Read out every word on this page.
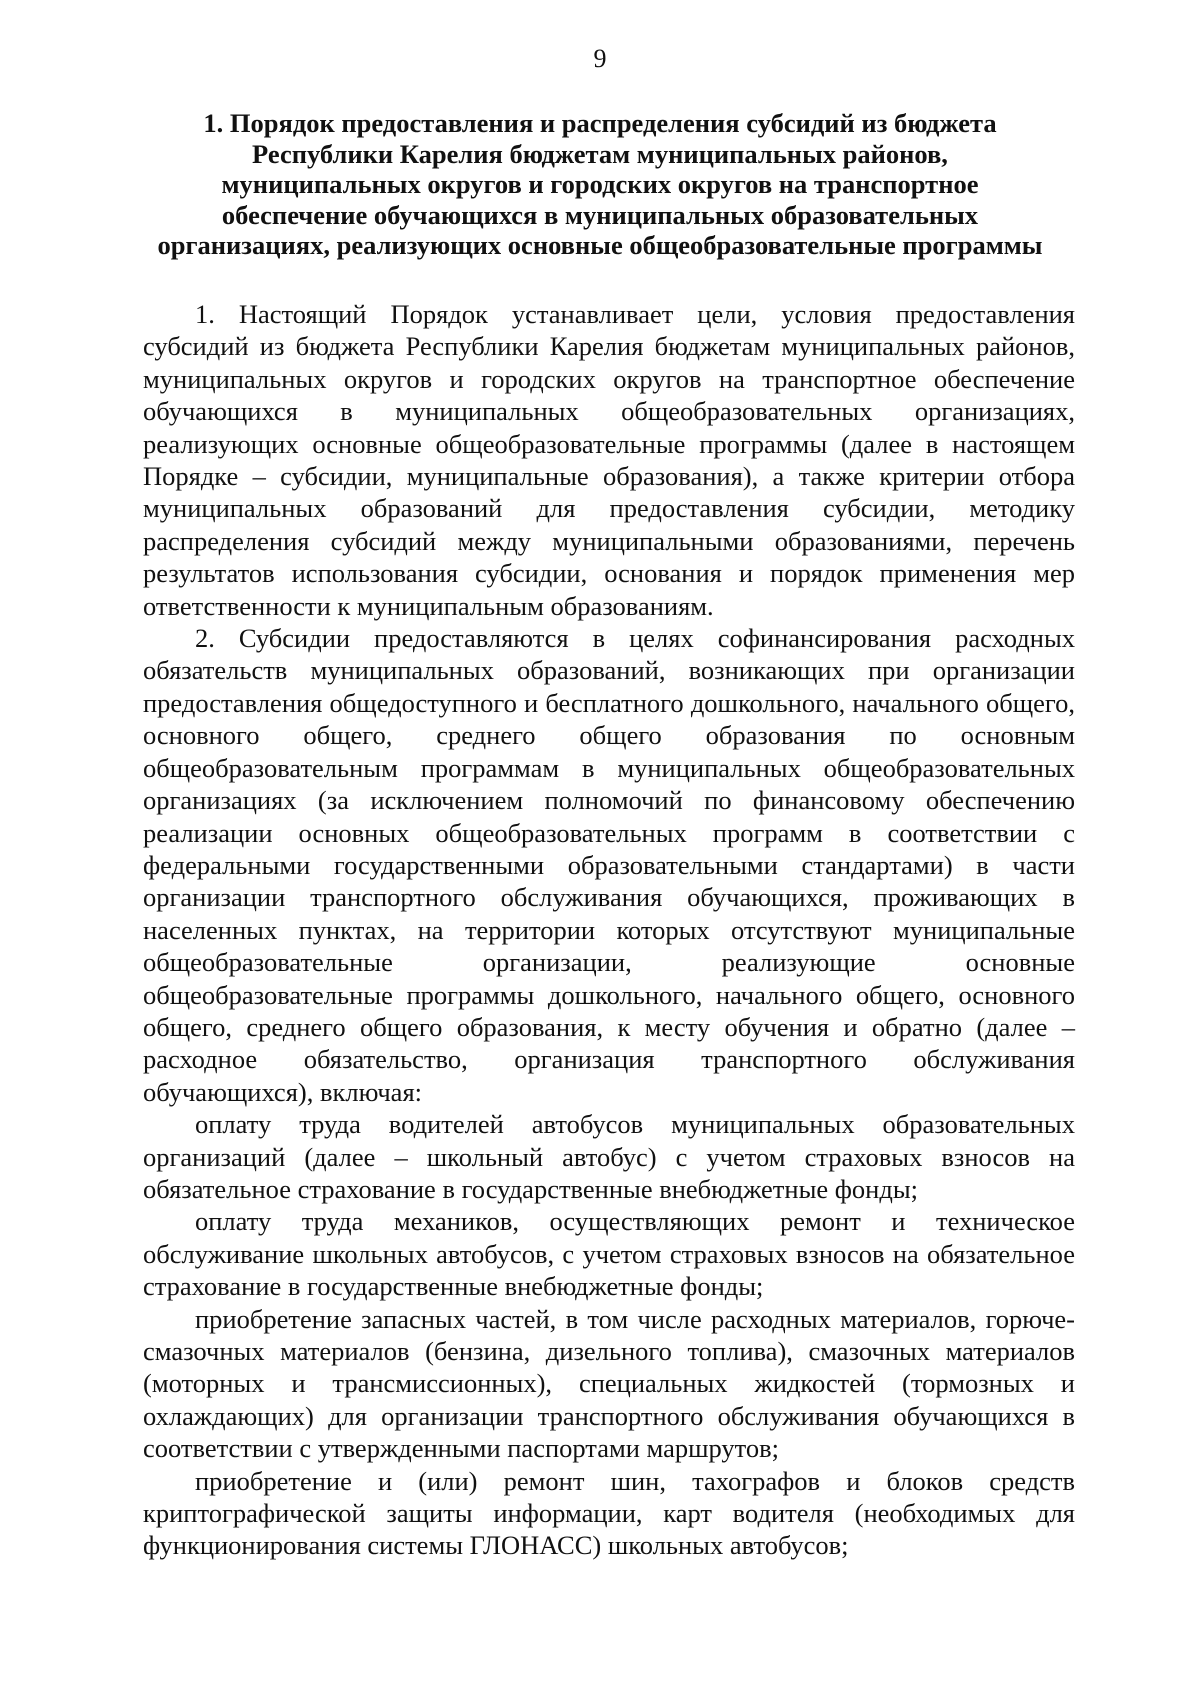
9
1. Порядок предоставления и распределения субсидий из бюджета
Республики Карелия бюджетам муниципальных районов,
муниципальных округов и городских округов на транспортное
обеспечение обучающихся в муниципальных образовательных
организациях, реализующих основные общеобразовательные программы

1. Настоящий Порядок устанавливает цели, условия предоставления субсидий из бюджета Республики Карелия бюджетам муниципальных районов, муниципальных округов и городских округов на транспортное обеспечение обучающихся в муниципальных общеобразовательных организациях, реализующих основные общеобразовательные программы (далее в настоящем Порядке – субсидии, муниципальные образования), а также критерии отбора муниципальных образований для предоставления субсидии, методику распределения субсидий между муниципальными образованиями, перечень результатов использования субсидии, основания и порядок применения мер ответственности к муниципальным образованиям.

2. Субсидии предоставляются в целях софинансирования расходных обязательств муниципальных образований, возникающих при организации предоставления общедоступного и бесплатного дошкольного, начального общего, основного общего, среднего общего образования по основным общеобразовательным программам в муниципальных общеобразовательных организациях (за исключением полномочий по финансовому обеспечению реализации основных общеобразовательных программ в соответствии с федеральными государственными образовательными стандартами) в части организации транспортного обслуживания обучающихся, проживающих в населенных пунктах, на территории которых отсутствуют муниципальные общеобразовательные организации, реализующие основные общеобразовательные программы дошкольного, начального общего, основного общего, среднего общего образования, к месту обучения и обратно (далее – расходное обязательство, организация транспортного обслуживания обучающихся), включая:

оплату труда водителей автобусов муниципальных образовательных организаций (далее – школьный автобус) с учетом страховых взносов на обязательное страхование в государственные внебюджетные фонды;

оплату труда механиков, осуществляющих ремонт и техническое обслуживание школьных автобусов, с учетом страховых взносов на обязательное страхование в государственные внебюджетные фонды;

приобретение запасных частей, в том числе расходных материалов, горюче-смазочных материалов (бензина, дизельного топлива), смазочных материалов (моторных и трансмиссионных), специальных жидкостей (тормозных и охлаждающих) для организации транспортного обслуживания обучающихся в соответствии с утвержденными паспортами маршрутов;

приобретение и (или) ремонт шин, тахографов и блоков средств криптографической защиты информации, карт водителя (необходимых для функционирования системы ГЛОНАСС) школьных автобусов;
